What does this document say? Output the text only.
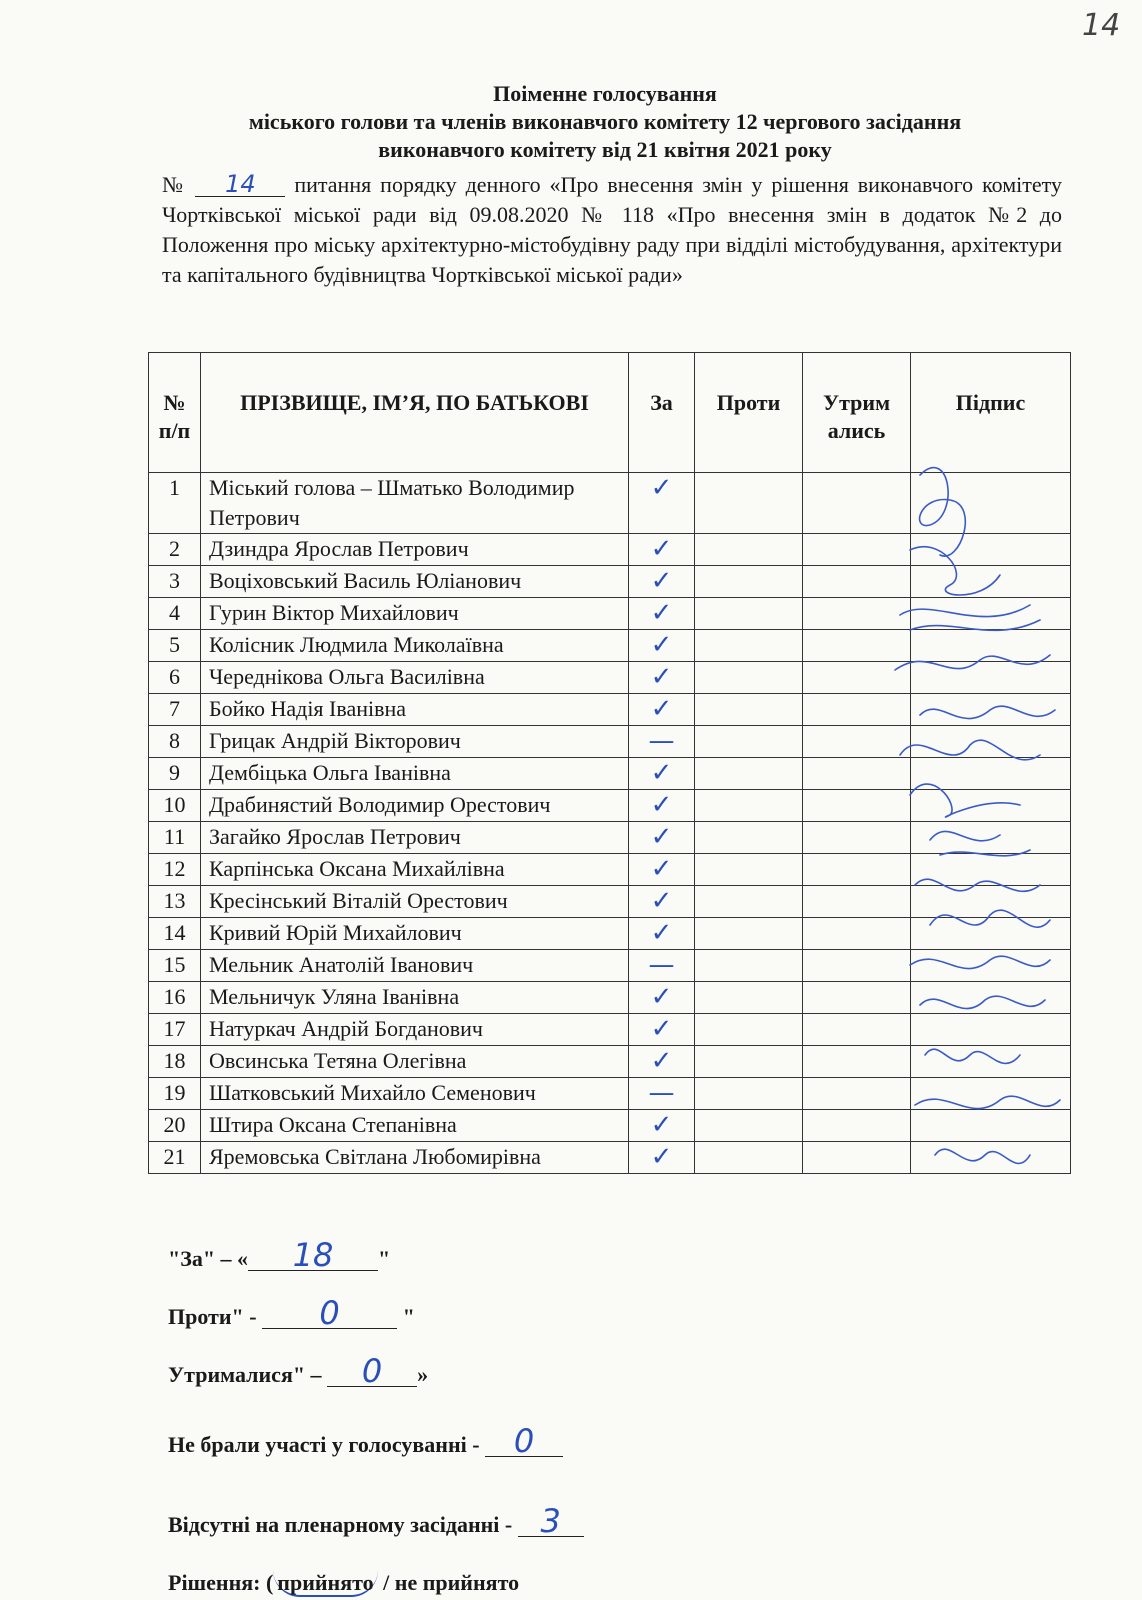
14
Поіменне голосування
міського голови та членів виконавчого комітету 12 чергового засідання
виконавчого комітету від 21 квітня 2021 року
№ 14 питання порядку денного «Про внесення змін у рішення виконавчого комітету Чортківської міської ради від 09.08.2020 № 118 «Про внесення змін в додаток №2 до Положення про міську архітектурно-містобудівну раду при відділі містобудування, архітектури та капітального будівництва Чортківської міської ради»
№ п/п	ПРІЗВИЩЕ, ІМ’Я, ПО БАТЬКОВІ	За	Проти	Утрим ались	Підпис
1	Міський голова – Шматько Володимир Петрович	✓			

2	Дзиндра Ярослав Петрович	✓			

3	Воціховський Василь Юліанович	✓			

4	Гурин Віктор Михайлович	✓			

5	Колісник Людмила Миколаївна	✓			

6	Череднікова Ольга Василівна	✓			

7	Бойко Надія Іванівна	✓			

8	Грицак Андрій Вікторович	—			

9	Дембіцька Ольга Іванівна	✓			

10	Драбинястий Володимир Орестович	✓			

11	Загайко Ярослав Петрович	✓			

12	Карпінська Оксана Михайлівна	✓			

13	Кресінський Віталій Орестович	✓			

14	Кривий Юрій Михайлович	✓			

15	Мельник Анатолій Іванович	—			

16	Мельничук Уляна Іванівна	✓			

17	Натуркач Андрій Богданович	✓			

18	Овсинська Тетяна Олегівна	✓			

19	Шатковський Михайло Семенович	—			

20	Штира Оксана Степанівна	✓			

21	Яремовська Світлана Любомирівна	✓			

"За" – « 18 "
Проти" - 0	"
Утрималися" – 0 »
Не брали участі у голосуванні - 0
Відсутні на пленарному засіданні - 3
Рішення: ( прийнято / не прийнято
